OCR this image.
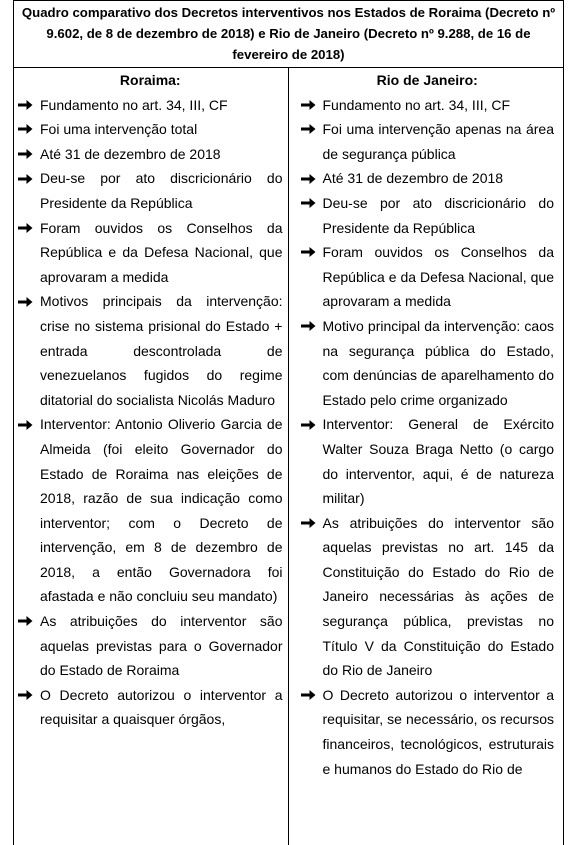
Quadro comparativo dos Decretos interventivos nos Estados de Roraima (Decreto nº 9.602, de 8 de dezembro de 2018) e Rio de Janeiro (Decreto nº 9.288, de 16 de fevereiro de 2018)
Roraima:
Fundamento no art. 34, III, CF
Foi uma intervenção total
Até 31 de dezembro de 2018
Deu-se por ato discricionário do Presidente da República
Foram ouvidos os Conselhos da República e da Defesa Nacional, que aprovaram a medida
Motivos principais da intervenção: crise no sistema prisional do Estado + entrada descontrolada de venezuelanos fugidos do regime ditatorial do socialista Nicolás Maduro
Interventor: Antonio Oliverio Garcia de Almeida (foi eleito Governador do Estado de Roraima nas eleições de 2018, razão de sua indicação como interventor; com o Decreto de intervenção, em 8 de dezembro de 2018, a então Governadora foi afastada e não concluiu seu mandato)
As atribuições do interventor são aquelas previstas para o Governador do Estado de Roraima
O Decreto autorizou o interventor a requisitar a quaisquer órgãos,
Rio de Janeiro:
Fundamento no art. 34, III, CF
Foi uma intervenção apenas na área de segurança pública
Até 31 de dezembro de 2018
Deu-se por ato discricionário do Presidente da República
Foram ouvidos os Conselhos da República e da Defesa Nacional, que aprovaram a medida
Motivo principal da intervenção: caos na segurança pública do Estado, com denúncias de aparelhamento do Estado pelo crime organizado
Interventor: General de Exército Walter Souza Braga Netto (o cargo do interventor, aqui, é de natureza militar)
As atribuições do interventor são aquelas previstas no art. 145 da Constituição do Estado do Rio de Janeiro necessárias às ações de segurança pública, previstas no Título V da Constituição do Estado do Rio de Janeiro
O Decreto autorizou o interventor a requisitar, se necessário, os recursos financeiros, tecnológicos, estruturais e humanos do Estado do Rio de
